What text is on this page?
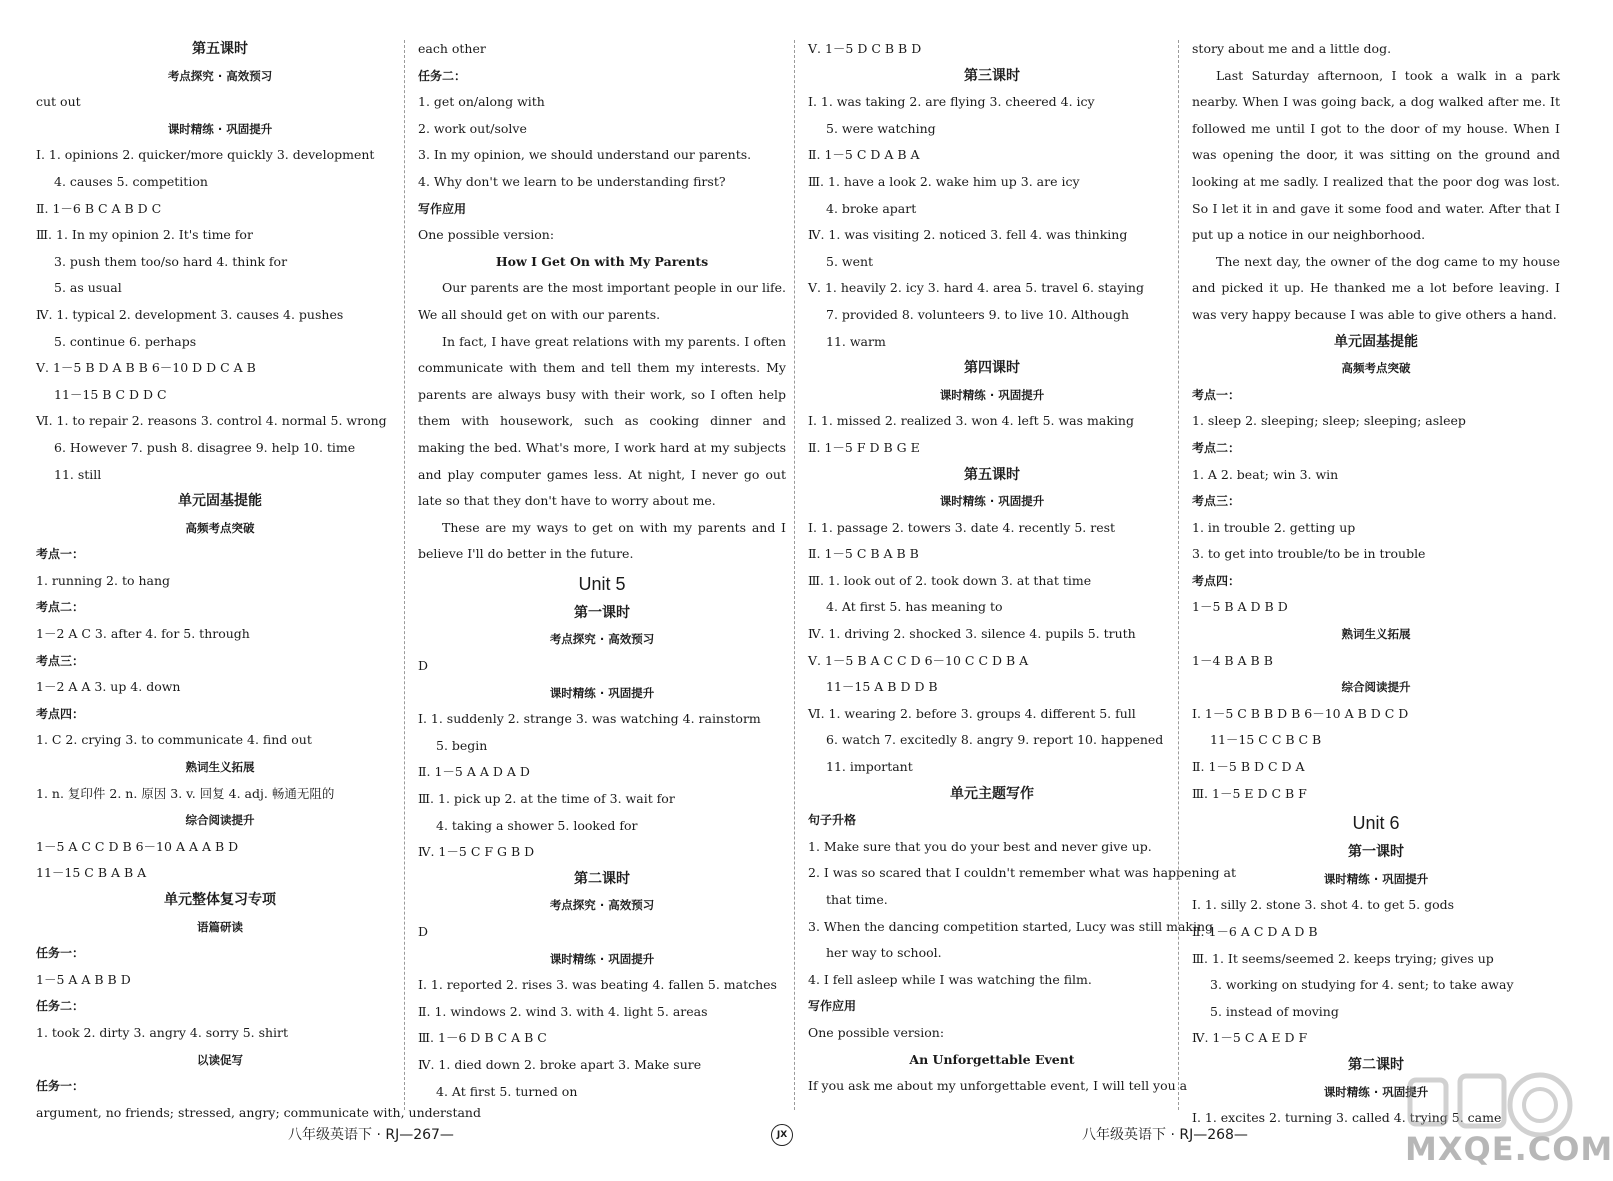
第五课时
考点探究 · 高效预习
cut out
课时精练 · 巩固提升
Ⅰ. 1. opinions 2. quicker/more quickly 3. development
4. causes 5. competition
Ⅱ. 1－6 B C A B D C
Ⅲ. 1. In my opinion 2. It's time for
3. push them too/so hard 4. think for
5. as usual
Ⅳ. 1. typical 2. development 3. causes 4. pushes
5. continue 6. perhaps
Ⅴ. 1－5 B D A B B 6－10 D D C A B
11－15 B C D D C
Ⅵ. 1. to repair 2. reasons 3. control 4. normal 5. wrong
6. However 7. push 8. disagree 9. help 10. time
11. still
单元固基提能
高频考点突破
考点一：
1. running 2. to hang
考点二：
1－2 A C 3. after 4. for 5. through
考点三：
1－2 A A 3. up 4. down
考点四：
1. C 2. crying 3. to communicate 4. find out
熟词生义拓展
1. n. 复印件 2. n. 原因 3. v. 回复 4. adj. 畅通无阻的
综合阅读提升
1－5 A C C D B 6－10 A A A B D
11－15 C B A B A
单元整体复习专项
语篇研读
任务一：
1－5 A A B B D
任务二：
1. took 2. dirty 3. angry 4. sorry 5. shirt
以读促写
任务一：
argument, no friends; stressed, angry; communicate with, understand
each other
任务二：
1. get on/along with
2. work out/solve
3. In my opinion, we should understand our parents.
4. Why don't we learn to be understanding first?
写作应用
One possible version:
How I Get On with My Parents
Our parents are the most important people in our life. We all should get on with our parents.
In fact, I have great relations with my parents. I often communicate with them and tell them my interests. My parents are always busy with their work, so I often help them with housework, such as cooking dinner and making the bed. What's more, I work hard at my subjects and play computer games less. At night, I never go out late so that they don't have to worry about me.
These are my ways to get on with my parents and I believe I'll do better in the future.
Unit 5
第一课时
考点探究 · 高效预习
D
课时精练 · 巩固提升
Ⅰ. 1. suddenly 2. strange 3. was watching 4. rainstorm
5. begin
Ⅱ. 1－5 A A D A D
Ⅲ. 1. pick up 2. at the time of 3. wait for
4. taking a shower 5. looked for
Ⅳ. 1－5 C F G B D
第二课时
考点探究 · 高效预习
D
课时精练 · 巩固提升
Ⅰ. 1. reported 2. rises 3. was beating 4. fallen 5. matches
Ⅱ. 1. windows 2. wind 3. with 4. light 5. areas
Ⅲ. 1－6 D B C A B C
Ⅳ. 1. died down 2. broke apart 3. Make sure
4. At first 5. turned on
Ⅴ. 1－5 D C B B D
第三课时
Ⅰ. 1. was taking 2. are flying 3. cheered 4. icy
5. were watching
Ⅱ. 1－5 C D A B A
Ⅲ. 1. have a look 2. wake him up 3. are icy
4. broke apart
Ⅳ. 1. was visiting 2. noticed 3. fell 4. was thinking
5. went
Ⅴ. 1. heavily 2. icy 3. hard 4. area 5. travel 6. staying
7. provided 8. volunteers 9. to live 10. Although
11. warm
第四课时
课时精练 · 巩固提升
Ⅰ. 1. missed 2. realized 3. won 4. left 5. was making
Ⅱ. 1－5 F D B G E
第五课时
课时精练 · 巩固提升
Ⅰ. 1. passage 2. towers 3. date 4. recently 5. rest
Ⅱ. 1－5 C B A B B
Ⅲ. 1. look out of 2. took down 3. at that time
4. At first 5. has meaning to
Ⅳ. 1. driving 2. shocked 3. silence 4. pupils 5. truth
Ⅴ. 1－5 B A C C D 6－10 C C D B A
11－15 A B D D B
Ⅵ. 1. wearing 2. before 3. groups 4. different 5. full
6. watch 7. excitedly 8. angry 9. report 10. happened
11. important
单元主题写作
句子升格
1. Make sure that you do your best and never give up.
2. I was so scared that I couldn't remember what was happening at
that time.
3. When the dancing competition started, Lucy was still making
her way to school.
4. I fell asleep while I was watching the film.
写作应用
One possible version:
An Unforgettable Event
If you ask me about my unforgettable event, I will tell you a
story about me and a little dog.
Last Saturday afternoon, I took a walk in a park nearby. When I was going back, a dog walked after me. It followed me until I got to the door of my house. When I was opening the door, it was sitting on the ground and looking at me sadly. I realized that the poor dog was lost. So I let it in and gave it some food and water. After that I put up a notice in our neighborhood.
The next day, the owner of the dog came to my house and picked it up. He thanked me a lot before leaving. I was very happy because I was able to give others a hand.
单元固基提能
高频考点突破
考点一：
1. sleep 2. sleeping; sleep; sleeping; asleep
考点二：
1. A 2. beat; win 3. win
考点三：
1. in trouble 2. getting up
3. to get into trouble/to be in trouble
考点四：
1－5 B A D B D
熟词生义拓展
1－4 B A B B
综合阅读提升
Ⅰ. 1－5 C B B D B 6－10 A B D C D
11－15 C C B C B
Ⅱ. 1－5 B D C D A
Ⅲ. 1－5 E D C B F
Unit 6
第一课时
课时精练 · 巩固提升
Ⅰ. 1. silly 2. stone 3. shot 4. to get 5. gods
Ⅱ. 1－6 A C D A D B
Ⅲ. 1. It seems/seemed 2. keeps trying; gives up
3. working on studying for 4. sent; to take away
5. instead of moving
Ⅳ. 1－5 C A E D F
第二课时
课时精练 · 巩固提升
Ⅰ. 1. excites 2. turning 3. called 4. trying 5. came
八年级英语下 · RJ—267—	JX	八年级英语下 · RJ—268—	MXQE.COM
